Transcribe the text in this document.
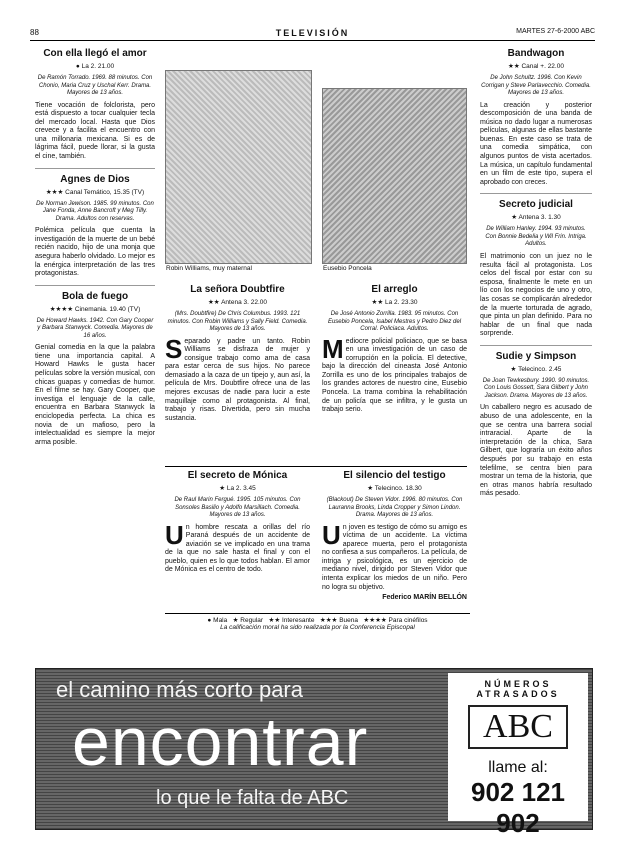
88	TELEVISIÓN	MARTES 27-6-2000 ABC
Con ella llegó el amor
● La 2. 21.00
De Ramón Torrado. 1969. 88 minutos. Con Chonio, Maria Cruz y Uschal Kerr. Drama. Mayores de 13 años.

Tiene vocación de folclorista, pero está dispuesto a tocar cualquier tecla del mercado local. Hasta que Dios crevece y a facilita el encuentro con una millonaria mexicana. Si es de lágrima fácil, puede llorar, si la gusta el cine, también.

Agnes de Dios
★★★ Canal Temático, 15.35 (TV)
De Norman Jewison. 1985. 99 minutos. Con Jane Fonda, Anne Bancroft y Meg Tilly. Drama. Adultos con reservas.

Polémica película que cuenta la investigación de la muerte de un bebé recién nacido, hijo de una monja que asegura haberlo olvidado. Lo mejor es la enérgica interpretación de las tres protagonistas.

Bola de fuego
★★★★ Cinemania. 19.40 (TV)
De Howard Hawks. 1942. Con Gary Cooper y Barbara Stanwyck. Comedia. Mayores de 16 años.

Genial comedia en la que la palabra tiene una importancia capital. A Howard Hawks le gusta hacer películas sobre la versión musical, con chicas guapas y comedias de humor. En el filme se hay. Gary Cooper, que investiga el lenguaje de la calle, encuentra en Barbara Stanwyck la enciclopedia perfecta. La chica es novia de un mafioso, pero la intelectualidad es siempre la mejor arma posible.

Robin Williams, muy maternal	Eusebio Poncela
La señora Doubtfire
★★ Antena 3. 22.00
(Mrs. Doubtfire) De Chris Columbus. 1993. 121 minutos. Con Robin Williams y Sally Field. Comedia. Mayores de 13 años.

Separado y padre un tanto. Robin Williams se disfraza de mujer y consigue trabajo como ama de casa para estar cerca de sus hijos. No parece demasiado a la caza de un tipejo y, aun así, la película de Mrs. Doubtfire ofrece una de las mejores excusas de nadie para lucir a este maquillaje como al protagonista. Al final, trabajo y risas. Divertida, pero sin mucha sustancia.

El arreglo
★★ La 2. 23.30
De José Antonio Zorrilla. 1983. 95 minutos. Con Eusebio Poncela, Isabel Mestres y Pedro Diez del Corral. Policiaca. Adultos.

Mediocre policial policiaco, que se basa en una investigación de un caso de corrupción en la policía. El detective, bajo la dirección del cineasta José Antonio Zorrilla es uno de los principales trabajos de los grandes actores de nuestro cine, Eusebio Poncela. La trama combina la rehabilitación de un policía que se infiltra, y le gusta un trabajo serio.

El secreto de Mónica
★ La 2. 3.45
De Raul Marin Fergué. 1995. 105 minutos. Con Sonsoles Basilio y Adolfo Marsillach. Comedia. Mayores de 13 años.

Un hombre rescata a orillas del río Paraná después de un accidente de aviación se ve implicado en una trama de la que no sale hasta el final y con el pueblo, quien es lo que todos hablan. El amor de Mónica es el centro de todo.

El silencio del testigo
★ Telecinco. 18.30
(Blackout) De Steven Vidor. 1996. 80 minutos. Con Lauranna Brooks, Linda Cropper y Simon Lindon. Drama. Mayores de 13 años.

Un joven es testigo de cómo su amigo es víctima de un accidente. La víctima aparece muerta, pero el protagonista no confiesa a sus compañeros. La película, de intriga y psicológica, es un ejercicio de mediano nivel, dirigido por Steven Vidor que intenta explicar los miedos de un niño. Pero no logra su objetivo.

Federico MARÍN BELLÓN
● Mala ★ Regular ★★ Interesante ★★★ Buena ★★★★ Para cinéfilos
La calificación moral ha sido realizada por la Conferencia Episcopal
Bandwagon
★★ Canal +. 22.00
De John Schultz. 1996. Con Kevin Corrigan y Steve Parlavecchio. Comedia. Mayores de 13 años.

La creación y posterior descomposición de una banda de música no dado lugar a numerosas películas, algunas de ellas bastante buenas. En este caso se trata de una comedia simpática, con algunos puntos de vista acertados. La música, un capítulo fundamental en un film de este tipo, supera el aprobado con creces.

Secreto judicial
★ Antena 3. 1.30
De William Hanley. 1994. 93 minutos. Con Bonnie Bedelia y Wil Frin. Intriga. Adultos.

El matrimonio con un juez no le resulta fácil al protagonista. Los celos del fiscal por estar con su esposa, finalmente le mete en un lío con los negocios de uno y otro, las cosas se complicarán alrededor de la muerte torturada de agrado, que pinta un plan definido. Para no hablar de un final que nada sorprende.

Sudie y Simpson
★ Telecinco. 2.45
De Joan Tewkesbury. 1990. 90 minutos. Con Louis Gossett, Sara Gilbert y John Jackson. Drama. Mayores de 13 años.

Un caballero negro es acusado de abuso de una adolescente, en la que se centra una barrera social intraracial. Aparte de la interpretación de la chica, Sara Gilbert, que lograría un éxito años después por su trabajo en esta telefilme, se centra bien para mostrar un tema de la historia, que en otras manos habría resultado más pesado.

el camino más corto para
encontrar
lo que le falta de ABC
NÚMEROS ATRASADOS
ABC
llame al:
902 121 902
